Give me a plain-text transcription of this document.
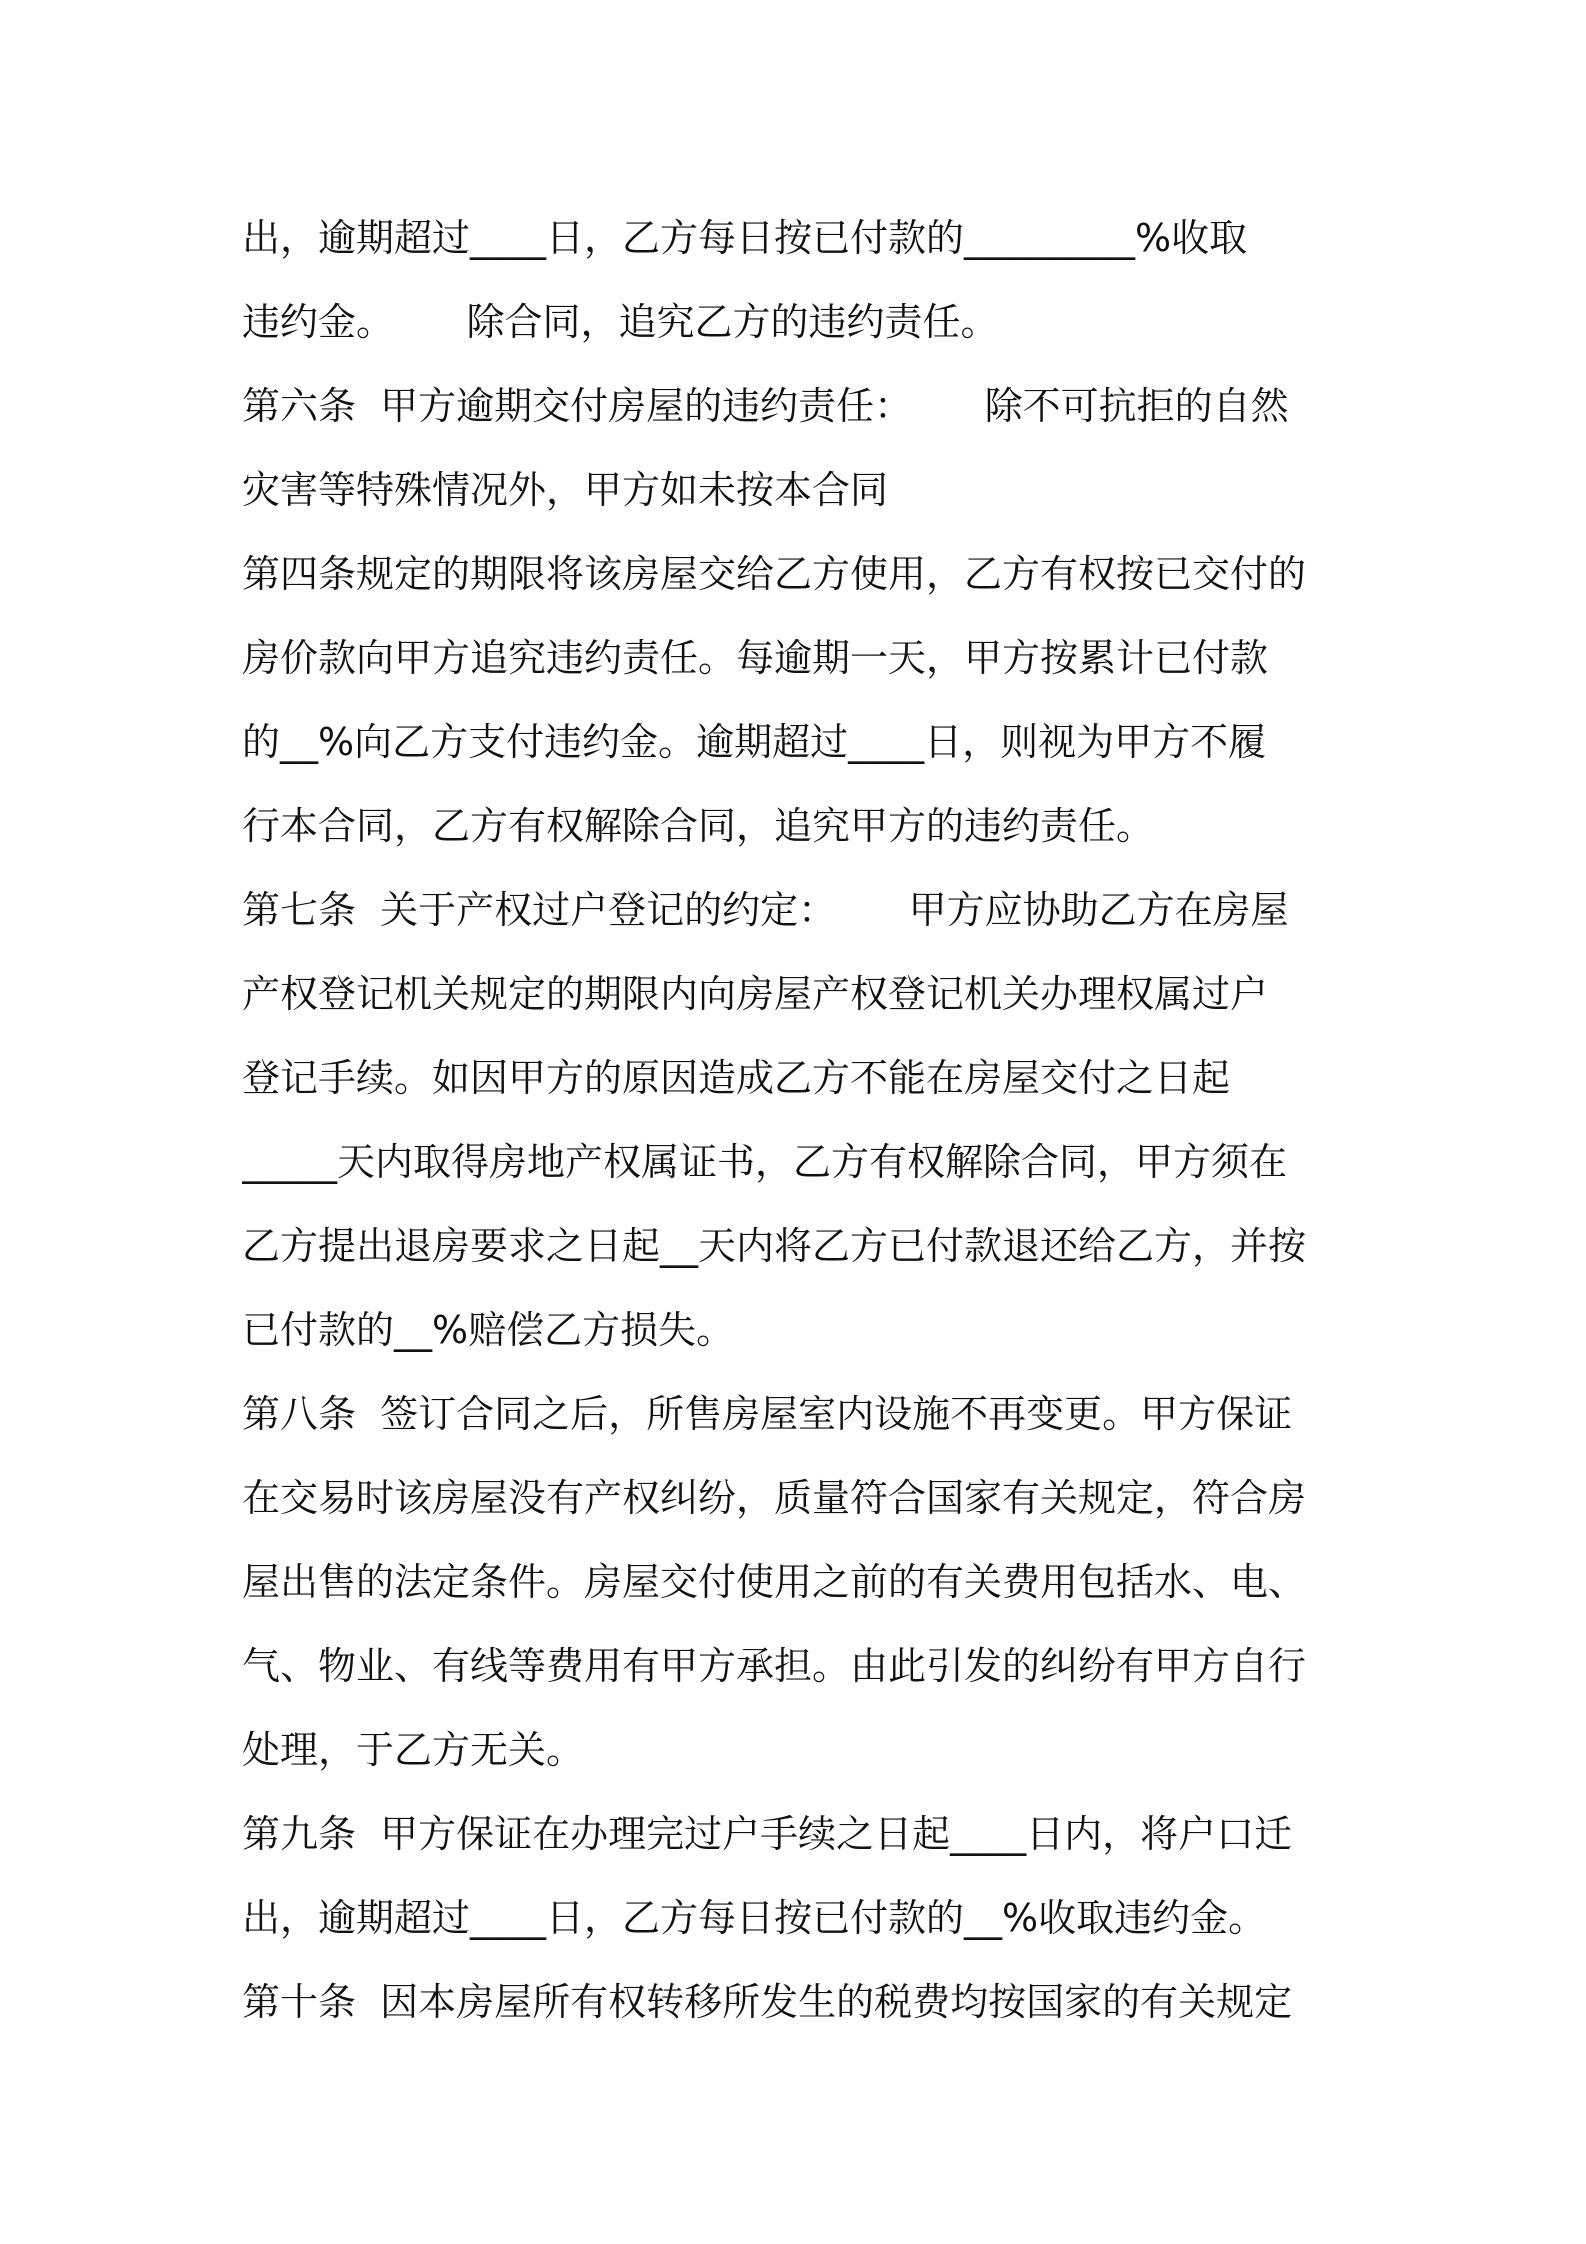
出，逾期超过____日，乙方每日按已付款的_________%收取
违约金。      除合同，追究乙方的违约责任。
第六条  甲方逾期交付房屋的违约责任：      除不可抗拒的自然
灾害等特殊情况外，甲方如未按本合同
第四条规定的期限将该房屋交给乙方使用，乙方有权按已交付的
房价款向甲方追究违约责任。每逾期一天，甲方按累计已付款
的__%向乙方支付违约金。逾期超过____日，则视为甲方不履
行本合同，乙方有权解除合同，追究甲方的违约责任。
第七条  关于产权过户登记的约定：      甲方应协助乙方在房屋
产权登记机关规定的期限内向房屋产权登记机关办理权属过户
登记手续。如因甲方的原因造成乙方不能在房屋交付之日起
_____天内取得房地产权属证书，乙方有权解除合同，甲方须在
乙方提出退房要求之日起__天内将乙方已付款退还给乙方，并按
已付款的__%赔偿乙方损失。
第八条  签订合同之后，所售房屋室内设施不再变更。甲方保证
在交易时该房屋没有产权纠纷，质量符合国家有关规定，符合房
屋出售的法定条件。房屋交付使用之前的有关费用包括水、电、
气、物业、有线等费用有甲方承担。由此引发的纠纷有甲方自行
处理，于乙方无关。
第九条  甲方保证在办理完过户手续之日起____日内，将户口迁
出，逾期超过____日，乙方每日按已付款的__%收取违约金。
第十条  因本房屋所有权转移所发生的税费均按国家的有关规定
